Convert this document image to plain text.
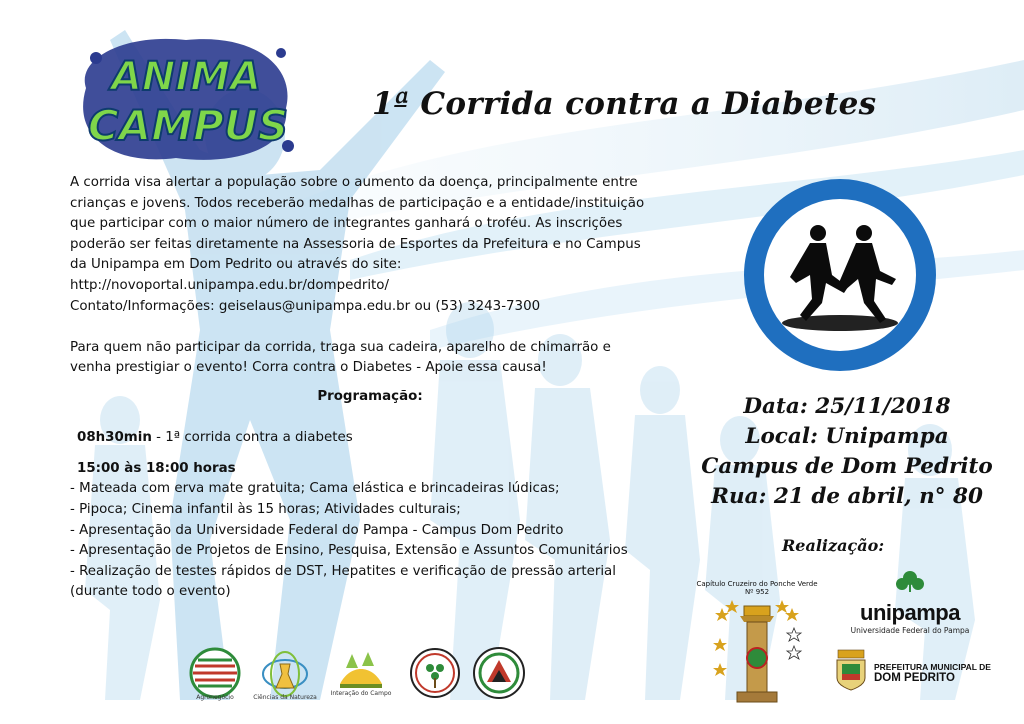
ANIMA
CAMPUS	1ª Corrida contra a Diabetes

A corrida visa alertar a população sobre o aumento da doença, principalmente entre

crianças e jovens. Todos receberão medalhas de participação e a entidade/instituição

que participar com o maior número de integrantes ganhará o troféu. As inscrições

poderão ser feitas diretamente na Assessoria de Esportes da Prefeitura e no Campus

da Unipampa em Dom Pedrito ou através do site:

http://novoportal.unipampa.edu.br/dompedrito/

Contato/Informações: geiselaus@unipampa.edu.br ou (53) 3243-7300

Para quem não participar da corrida, traga sua cadeira, aparelho de chimarrão e

venha prestigiar o evento! Corra contra o Diabetes - Apoie essa causa!

Programação:

08h30min - 1ª corrida contra a diabetes

15:00 às 18:00 horas

- Mateada com erva mate gratuita; Cama elástica e brincadeiras lúdicas;

- Pipoca; Cinema infantil às 15 horas; Atividades culturais;

- Apresentação da Universidade Federal do Pampa - Campus Dom Pedrito

- Apresentação de Projetos de Ensino, Pesquisa, Extensão e Assuntos Comunitários

- Realização de testes rápidos de DST, Hepatites e verificação de pressão arterial

(durante todo o evento)

Data: 25/11/2018
Local: Unipampa
Campus de Dom Pedrito
Rua: 21 de abril, n° 80
Realização:
Capítulo Cruzeiro do Ponche Verde Nº 952
unipampa
Universidade Federal do Pampa
PREFEITURA MUNICIPAL DE
DOM PEDRITO
Agronegócio	Ciências da Natureza
Interação do Campo
